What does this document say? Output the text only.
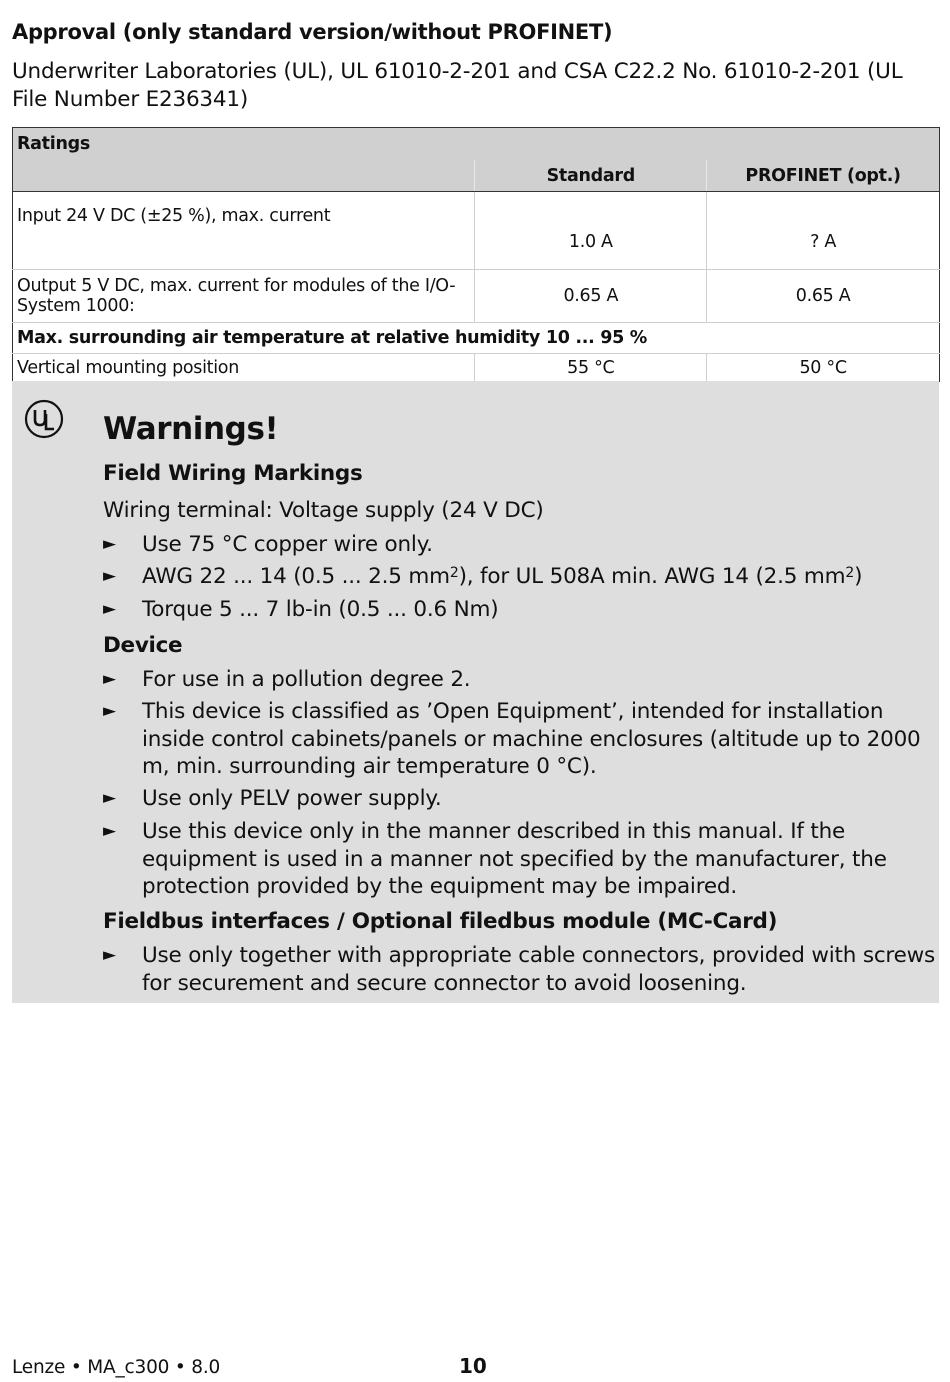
Approval (only standard version/without PROFINET)
Underwriter Laboratories (UL), UL 61010-2-201 and CSA C22.2 No. 61010-2-201 (UL File Number E236341)
Ratings		
	Standard	PROFINET (opt.)
Input 24 V DC (±25 %), max. current	1.0 A	? A
Output 5 V DC, max. current for modules of the I/O-System 1000:	0.65 A	0.65 A
Max. surrounding air temperature at relative humidity 10 ... 95 %		
Vertical mounting position	55 °C	50 °C
Warnings!
Field Wiring Markings
Wiring terminal: Voltage supply (24 V DC)
► Use 75 °C copper wire only.
► AWG 22 ... 14 (0.5 ... 2.5 $mm^2$), for UL 508A min. AWG 14 (2.5 $mm^2$)
► Torque 5 ... 7 lb-in (0.5 ... 0.6 Nm)
Device
► For use in a pollution degree 2.
► This device is classified as ’Open Equipment’, intended for installation inside control cabinets/panels or machine enclosures (altitude up to 2000 m, min. surrounding air temperature 0 °C).
► Use only PELV power supply.
► Use this device only in the manner described in this manual. If the equipment is used in a manner not specified by the manufacturer, the protection provided by the equipment may be impaired.
Fieldbus interfaces / Optional filedbus module (MC-Card)
► Use only together with appropriate cable connectors, provided with screws for securement and secure connector to avoid loosening.
Lenze • MA_c300 • 8.0	10
